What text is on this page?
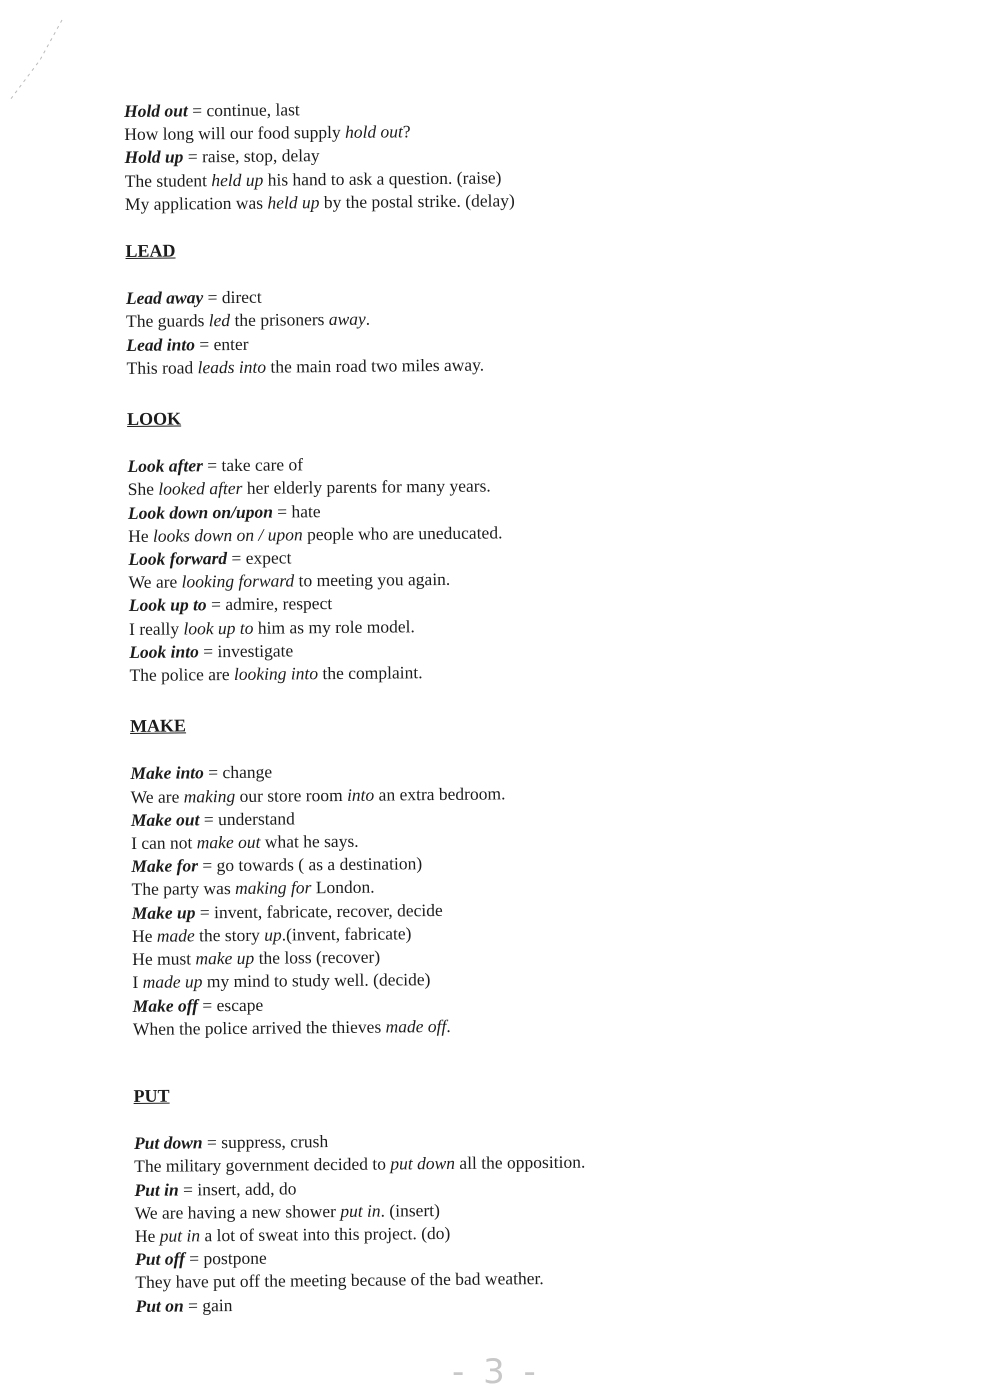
Hold out = continue, last
How long will our food supply hold out?
Hold up = raise, stop, delay
The student held up his hand to ask a question. (raise)
My application was held up by the postal strike. (delay)
LEAD
Lead away = direct
The guards led the prisoners away.
Lead into = enter
This road leads into the main road two miles away.
LOOK
Look after = take care of
She looked after her elderly parents for many years.
Look down on/upon = hate
He looks down on / upon people who are uneducated.
Look forward = expect
We are looking forward to meeting you again.
Look up to = admire, respect
I really look up to him as my role model.
Look into = investigate
The police are looking into the complaint.
MAKE
Make into = change
We are making our store room into an extra bedroom.
Make out = understand
I can not make out what he says.
Make for = go towards ( as a destination)
The party was making for London.
Make up = invent, fabricate, recover, decide
He made the story up.(invent, fabricate)
He must make up the loss (recover)
I made up my mind to study well. (decide)
Make off = escape
When the police arrived the thieves made off.
PUT
Put down = suppress, crush
The military government decided to put down all the opposition.
Put in = insert, add, do
We are having a new shower put in. (insert)
He put in a lot of sweat into this project. (do)
Put off = postpone
They have put off the meeting because of the bad weather.
Put on = gain
- 3 -
